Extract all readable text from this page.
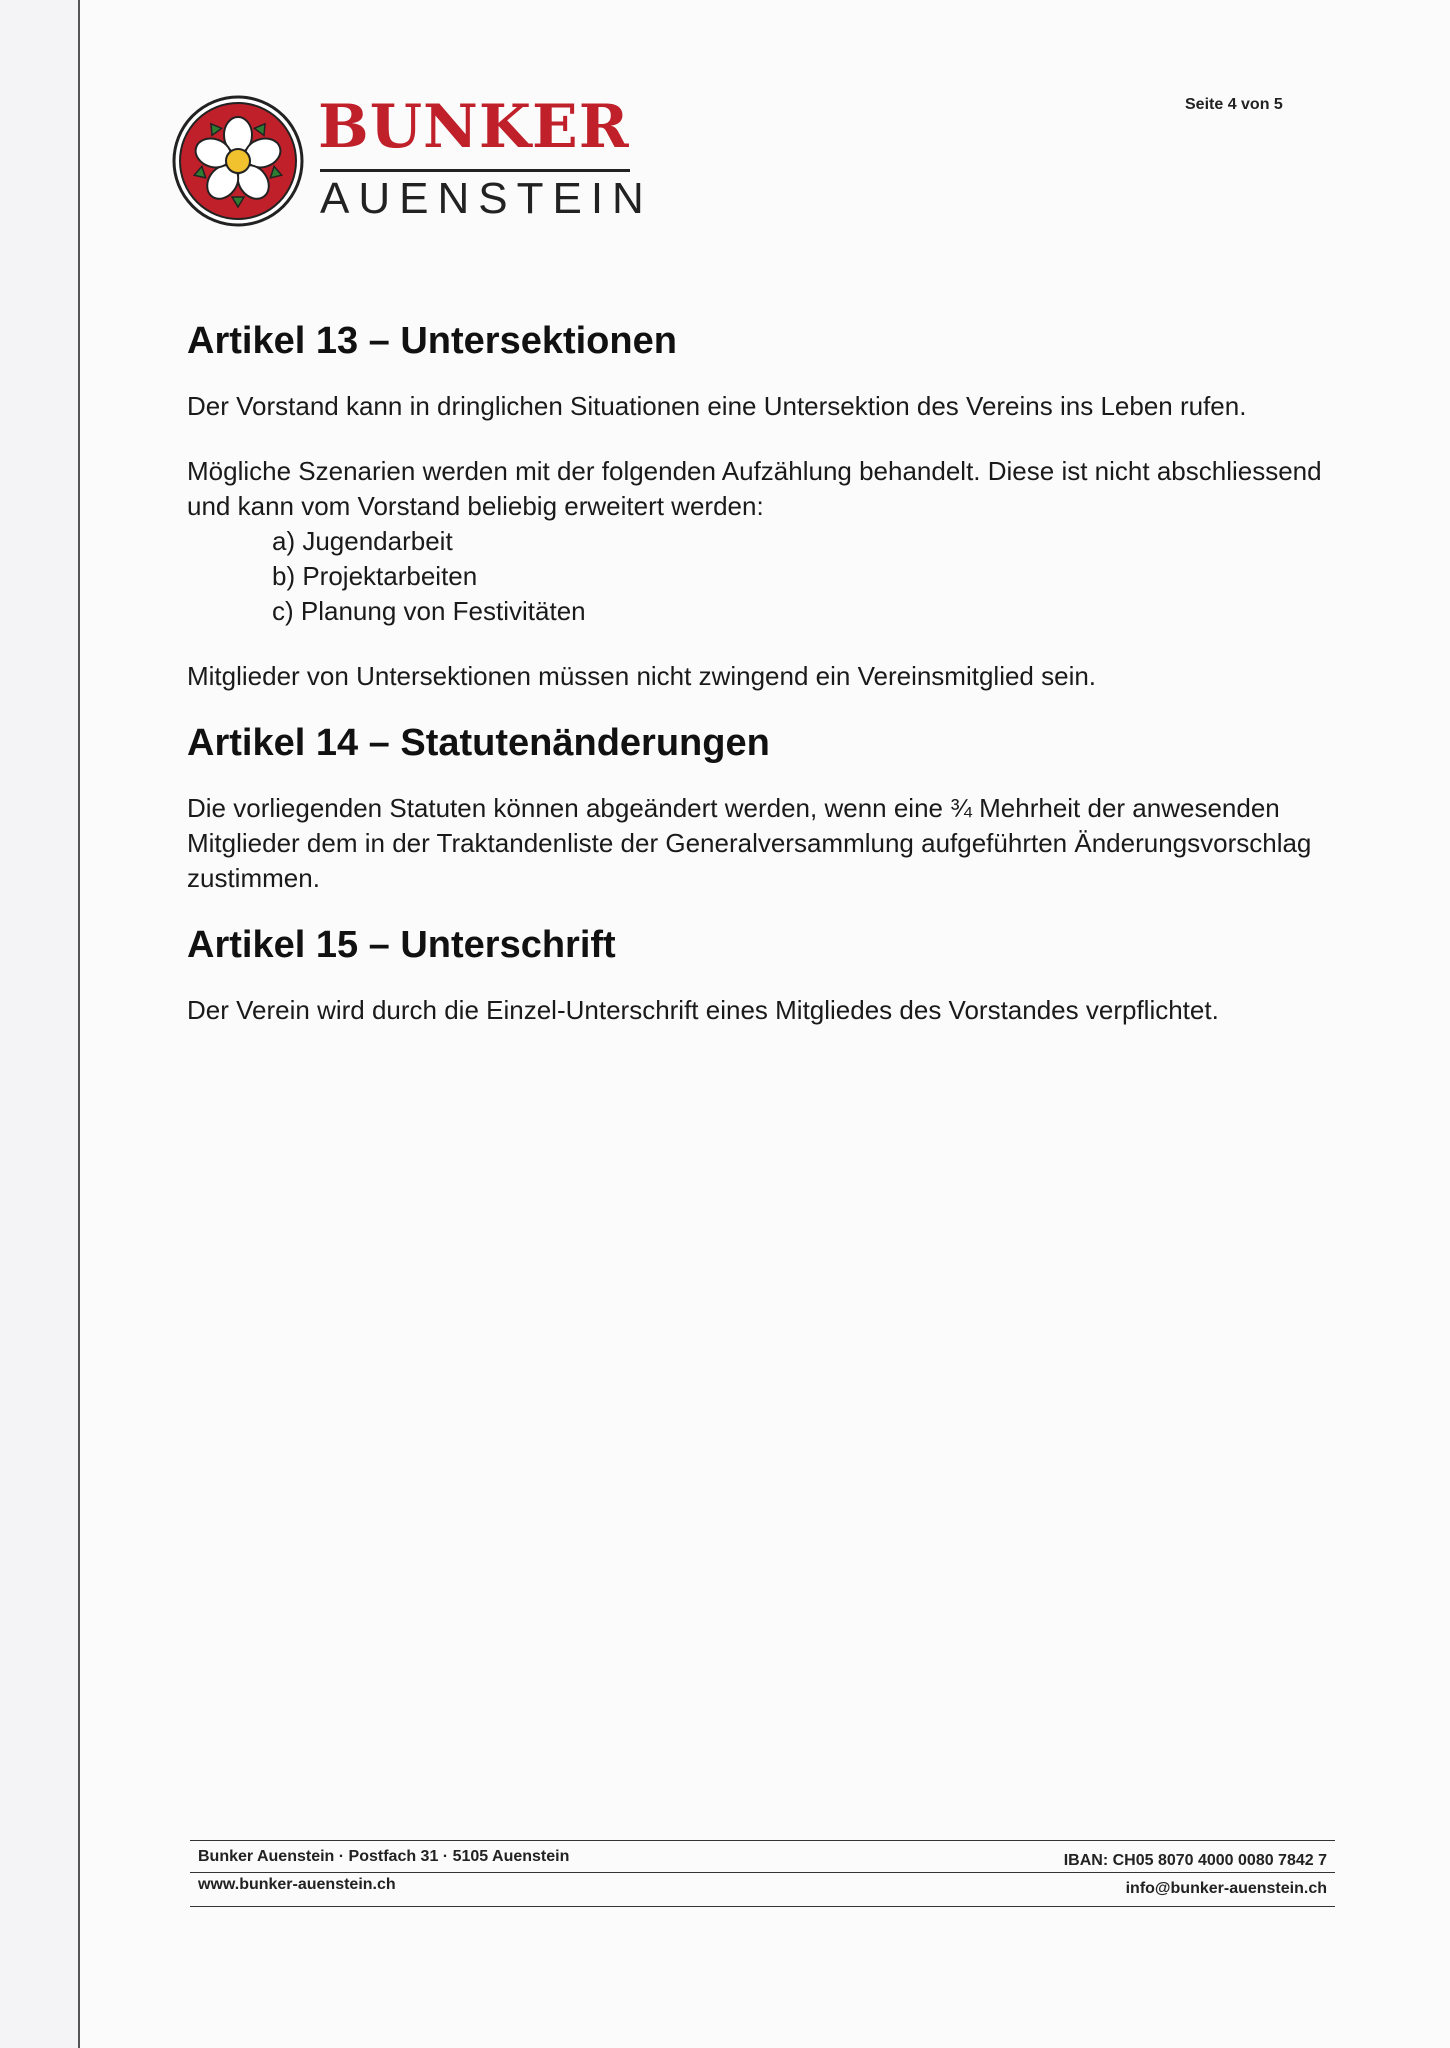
BUNKER
AUENSTEIN
Seite 4 von 5
Artikel 13 – Untersektionen

Der Vorstand kann in dringlichen Situationen eine Untersektion des Vereins ins Leben rufen.

Mögliche Szenarien werden mit der folgenden Aufzählung behandelt. Diese ist nicht abschliessend und kann vom Vorstand beliebig erweitert werden:

a) Jugendarbeit
b) Projektarbeiten
c) Planung von Festivitäten

Mitglieder von Untersektionen müssen nicht zwingend ein Vereinsmitglied sein.

Artikel 14 – Statutenänderungen

Die vorliegenden Statuten können abgeändert werden, wenn eine ¾ Mehrheit der anwesenden Mitglieder dem in der Traktandenliste der Generalversammlung aufgeführten Änderungsvorschlag zustimmen.

Artikel 15 – Unterschrift

Der Verein wird durch die Einzel-Unterschrift eines Mitgliedes des Vorstandes verpflichtet.

Bunker Auenstein · Postfach 31 · 5105 Auenstein	IBAN: CH05 8070 4000 0080 7842 7
www.bunker-auenstein.ch	info@bunker-auenstein.ch
